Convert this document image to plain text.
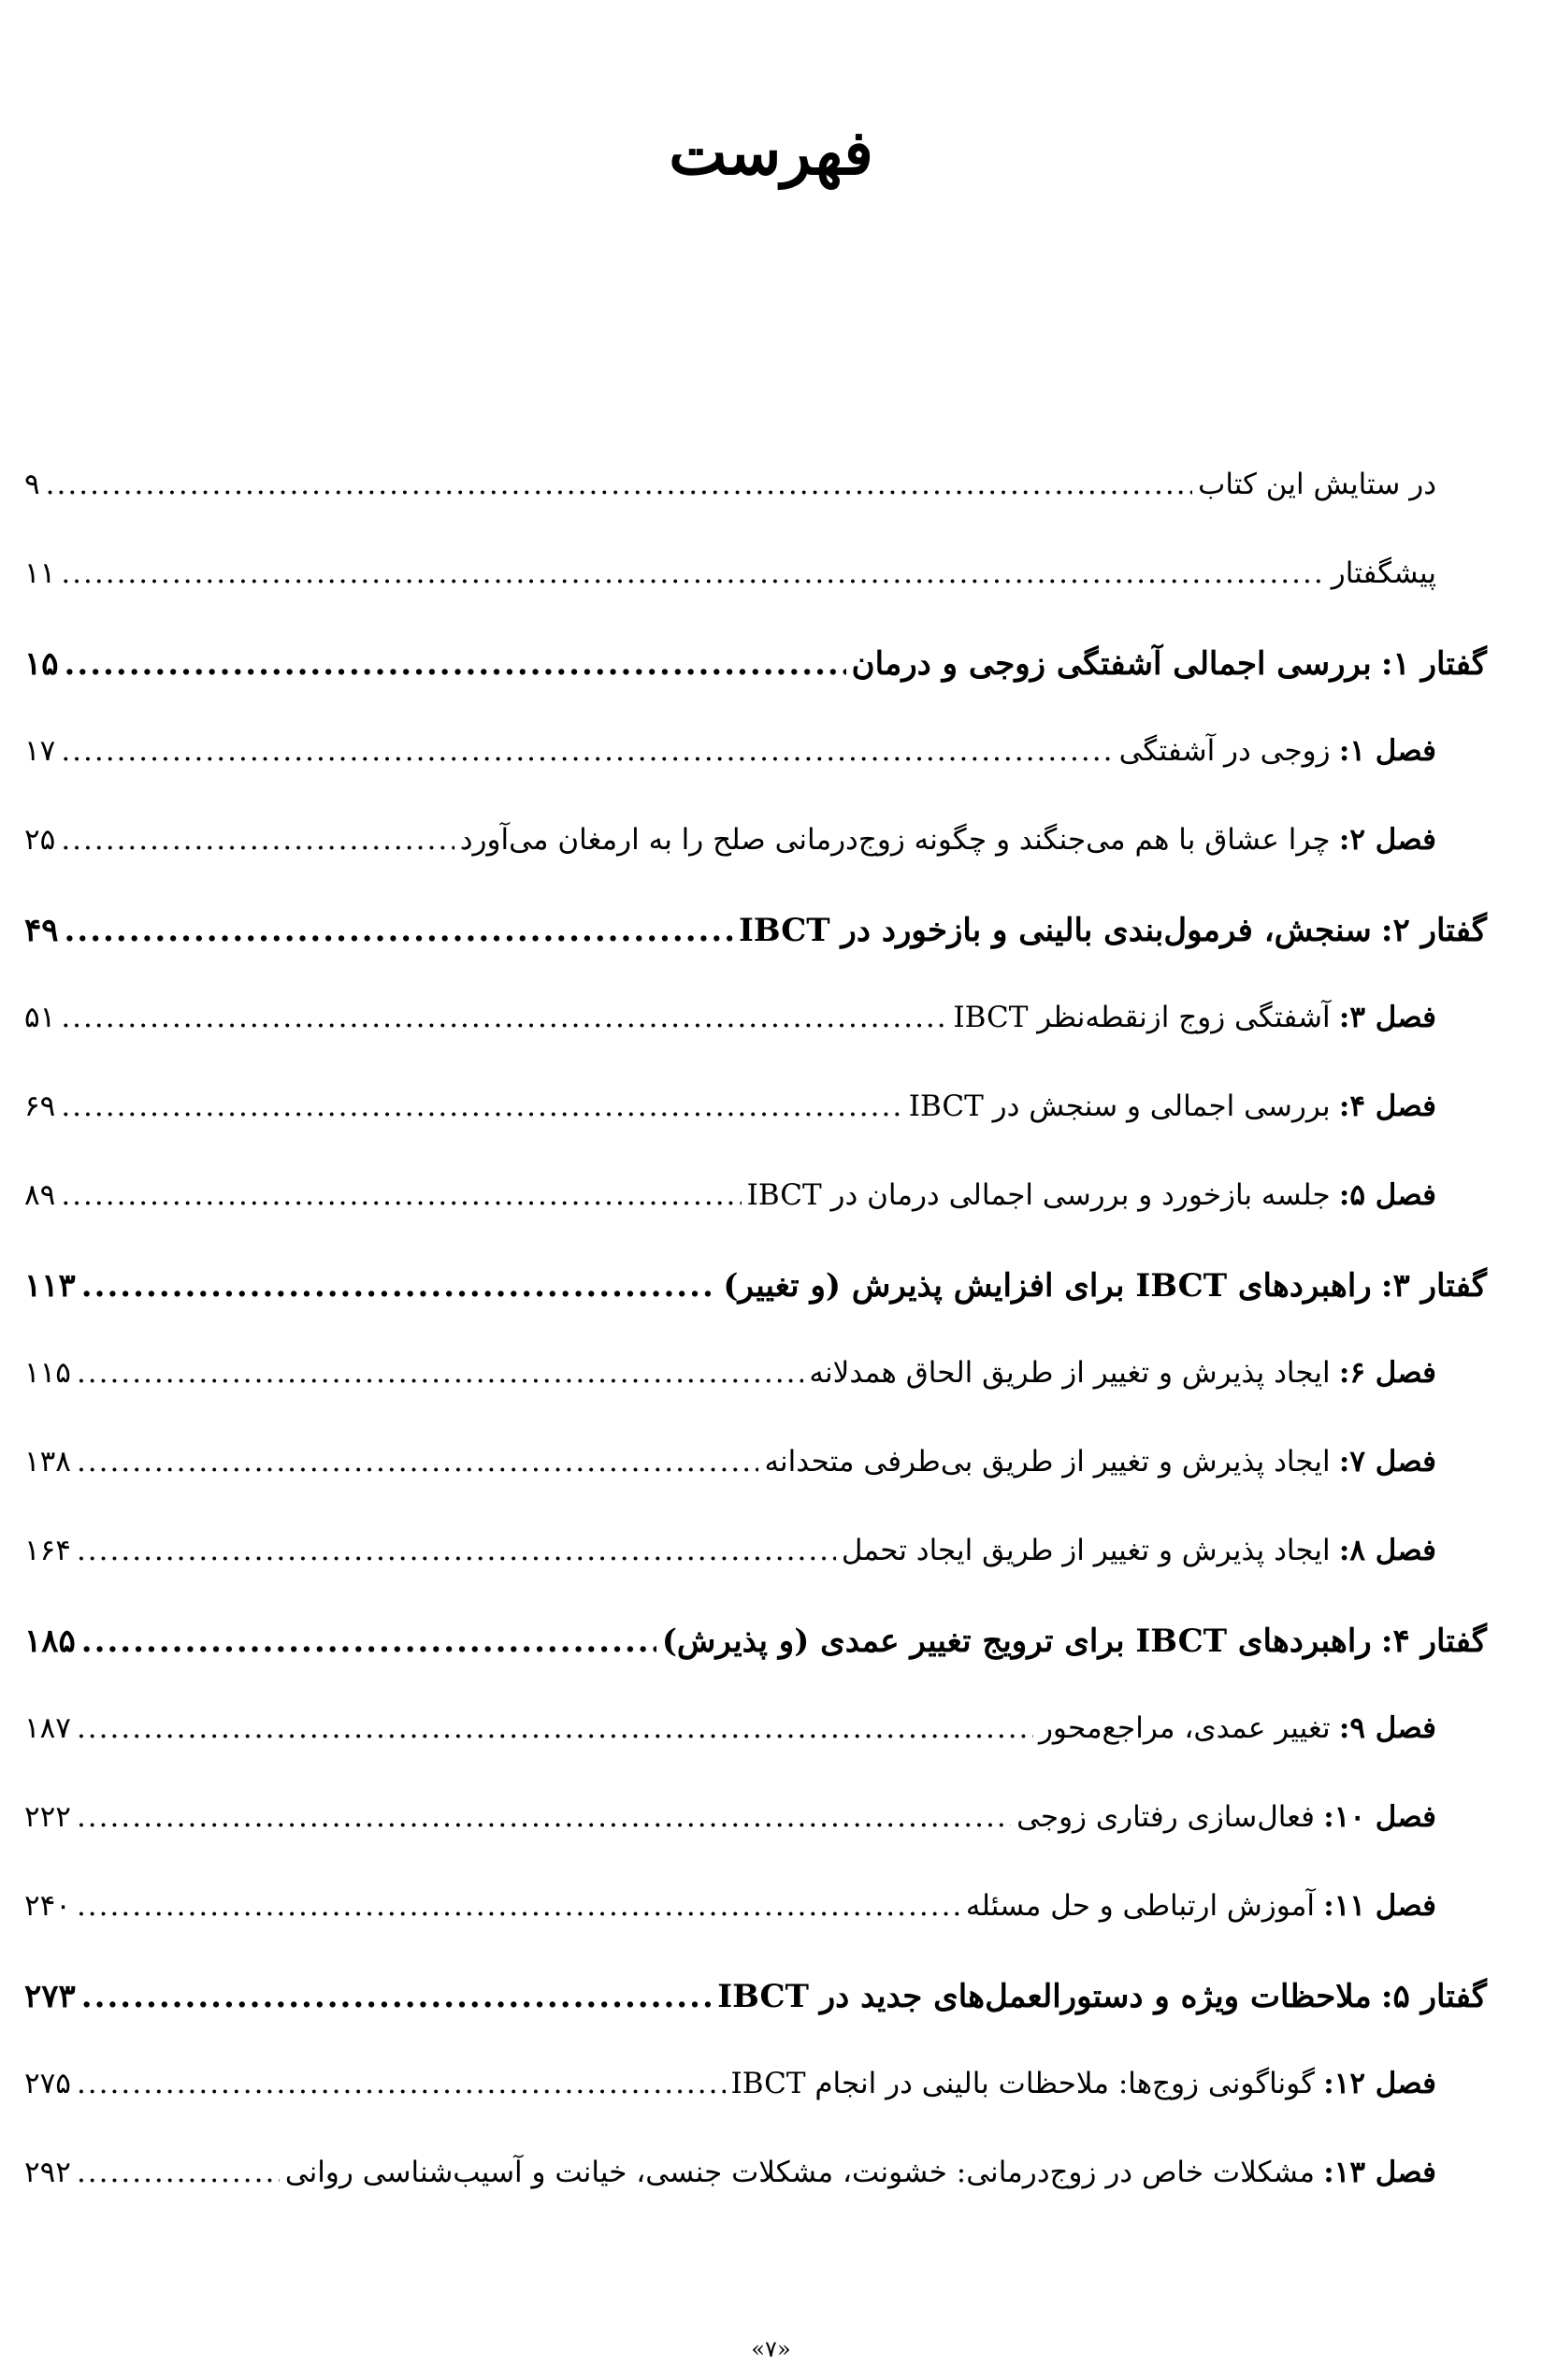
فهرست
در ستایش این کتاب
.....
۹
پیشگفتار
.....
۱۱
گفتار ۱:بررسی اجمالی آشفتگی زوجی و درمان
.....
۱۵
فصل ۱:زوجی در آشفتگی
.....
۱۷
فصل ۲:چرا عشاق با هم می‌جنگند و چگونه زوج‌درمانی صلح را به ارمغان می‌آورد
.....
۲۵
گفتار ۲:سنجش، فرمول‌بندی بالینی و بازخورد در IBCT
.....
۴۹
فصل ۳:آشفتگی زوج ازنقطه‌نظر IBCT
.....
۵۱
فصل ۴:بررسی اجمالی و سنجش در IBCT
.....
۶۹
فصل ۵:جلسه بازخورد و بررسی اجمالی درمان در IBCT
.....
۸۹
گفتار ۳:راهبردهای IBCT برای افزایش پذیرش (و تغییر)
.....
۱۱۳
فصل ۶:ایجاد پذیرش و تغییر از طریق الحاق همدلانه
.....
۱۱۵
فصل ۷:ایجاد پذیرش و تغییر از طریق بی‌طرفی متحدانه
.....
۱۳۸
فصل ۸:ایجاد پذیرش و تغییر از طریق ایجاد تحمل
.....
۱۶۴
گفتار ۴:راهبردهای IBCT برای ترویج تغییر عمدی (و پذیرش)
.....
۱۸۵
فصل ۹:تغییر عمدی، مراجع‌محور
.....
۱۸۷
فصل ۱۰:فعال‌سازی رفتاری زوجی
.....
۲۲۲
فصل ۱۱:آموزش ارتباطی و حل مسئله
.....
۲۴۰
گفتار ۵:ملاحظات ویژه و دستورالعمل‌های جدید در IBCT
.....
۲۷۳
فصل ۱۲:گوناگونی زوج‌ها: ملاحظات بالینی در انجام IBCT
.....
۲۷۵
فصل ۱۳:مشکلات خاص در زوج‌درمانی: خشونت، مشکلات جنسی، خیانت و آسیب‌شناسی روانی
.....
۲۹۲
«۷»
